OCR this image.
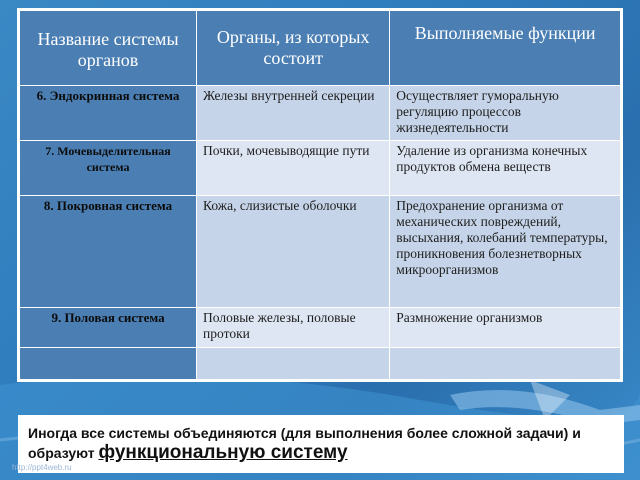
Название системы органов	Органы, из которых состоит	Выполняемые функции
6. Эндокринная система	Железы внутренней секреции	Осуществляет гуморальную регуляцию процессов жизнедеятельности
7. Мочевыделительная система	Почки, мочевыводящие пути	Удаление из организма конечных продуктов обмена веществ
8. Покровная система	Кожа, слизистые оболочки	Предохранение организма от механических повреждений, высыхания, колебаний температуры, проникновения болезнетворных микроорганизмов
9. Половая система	Половые железы, половые протоки	Размножение организмов

Иногда все системы объединяются (для выполнения более сложной задачи) и образуют функциональную систему
http://ppt4web.ru
